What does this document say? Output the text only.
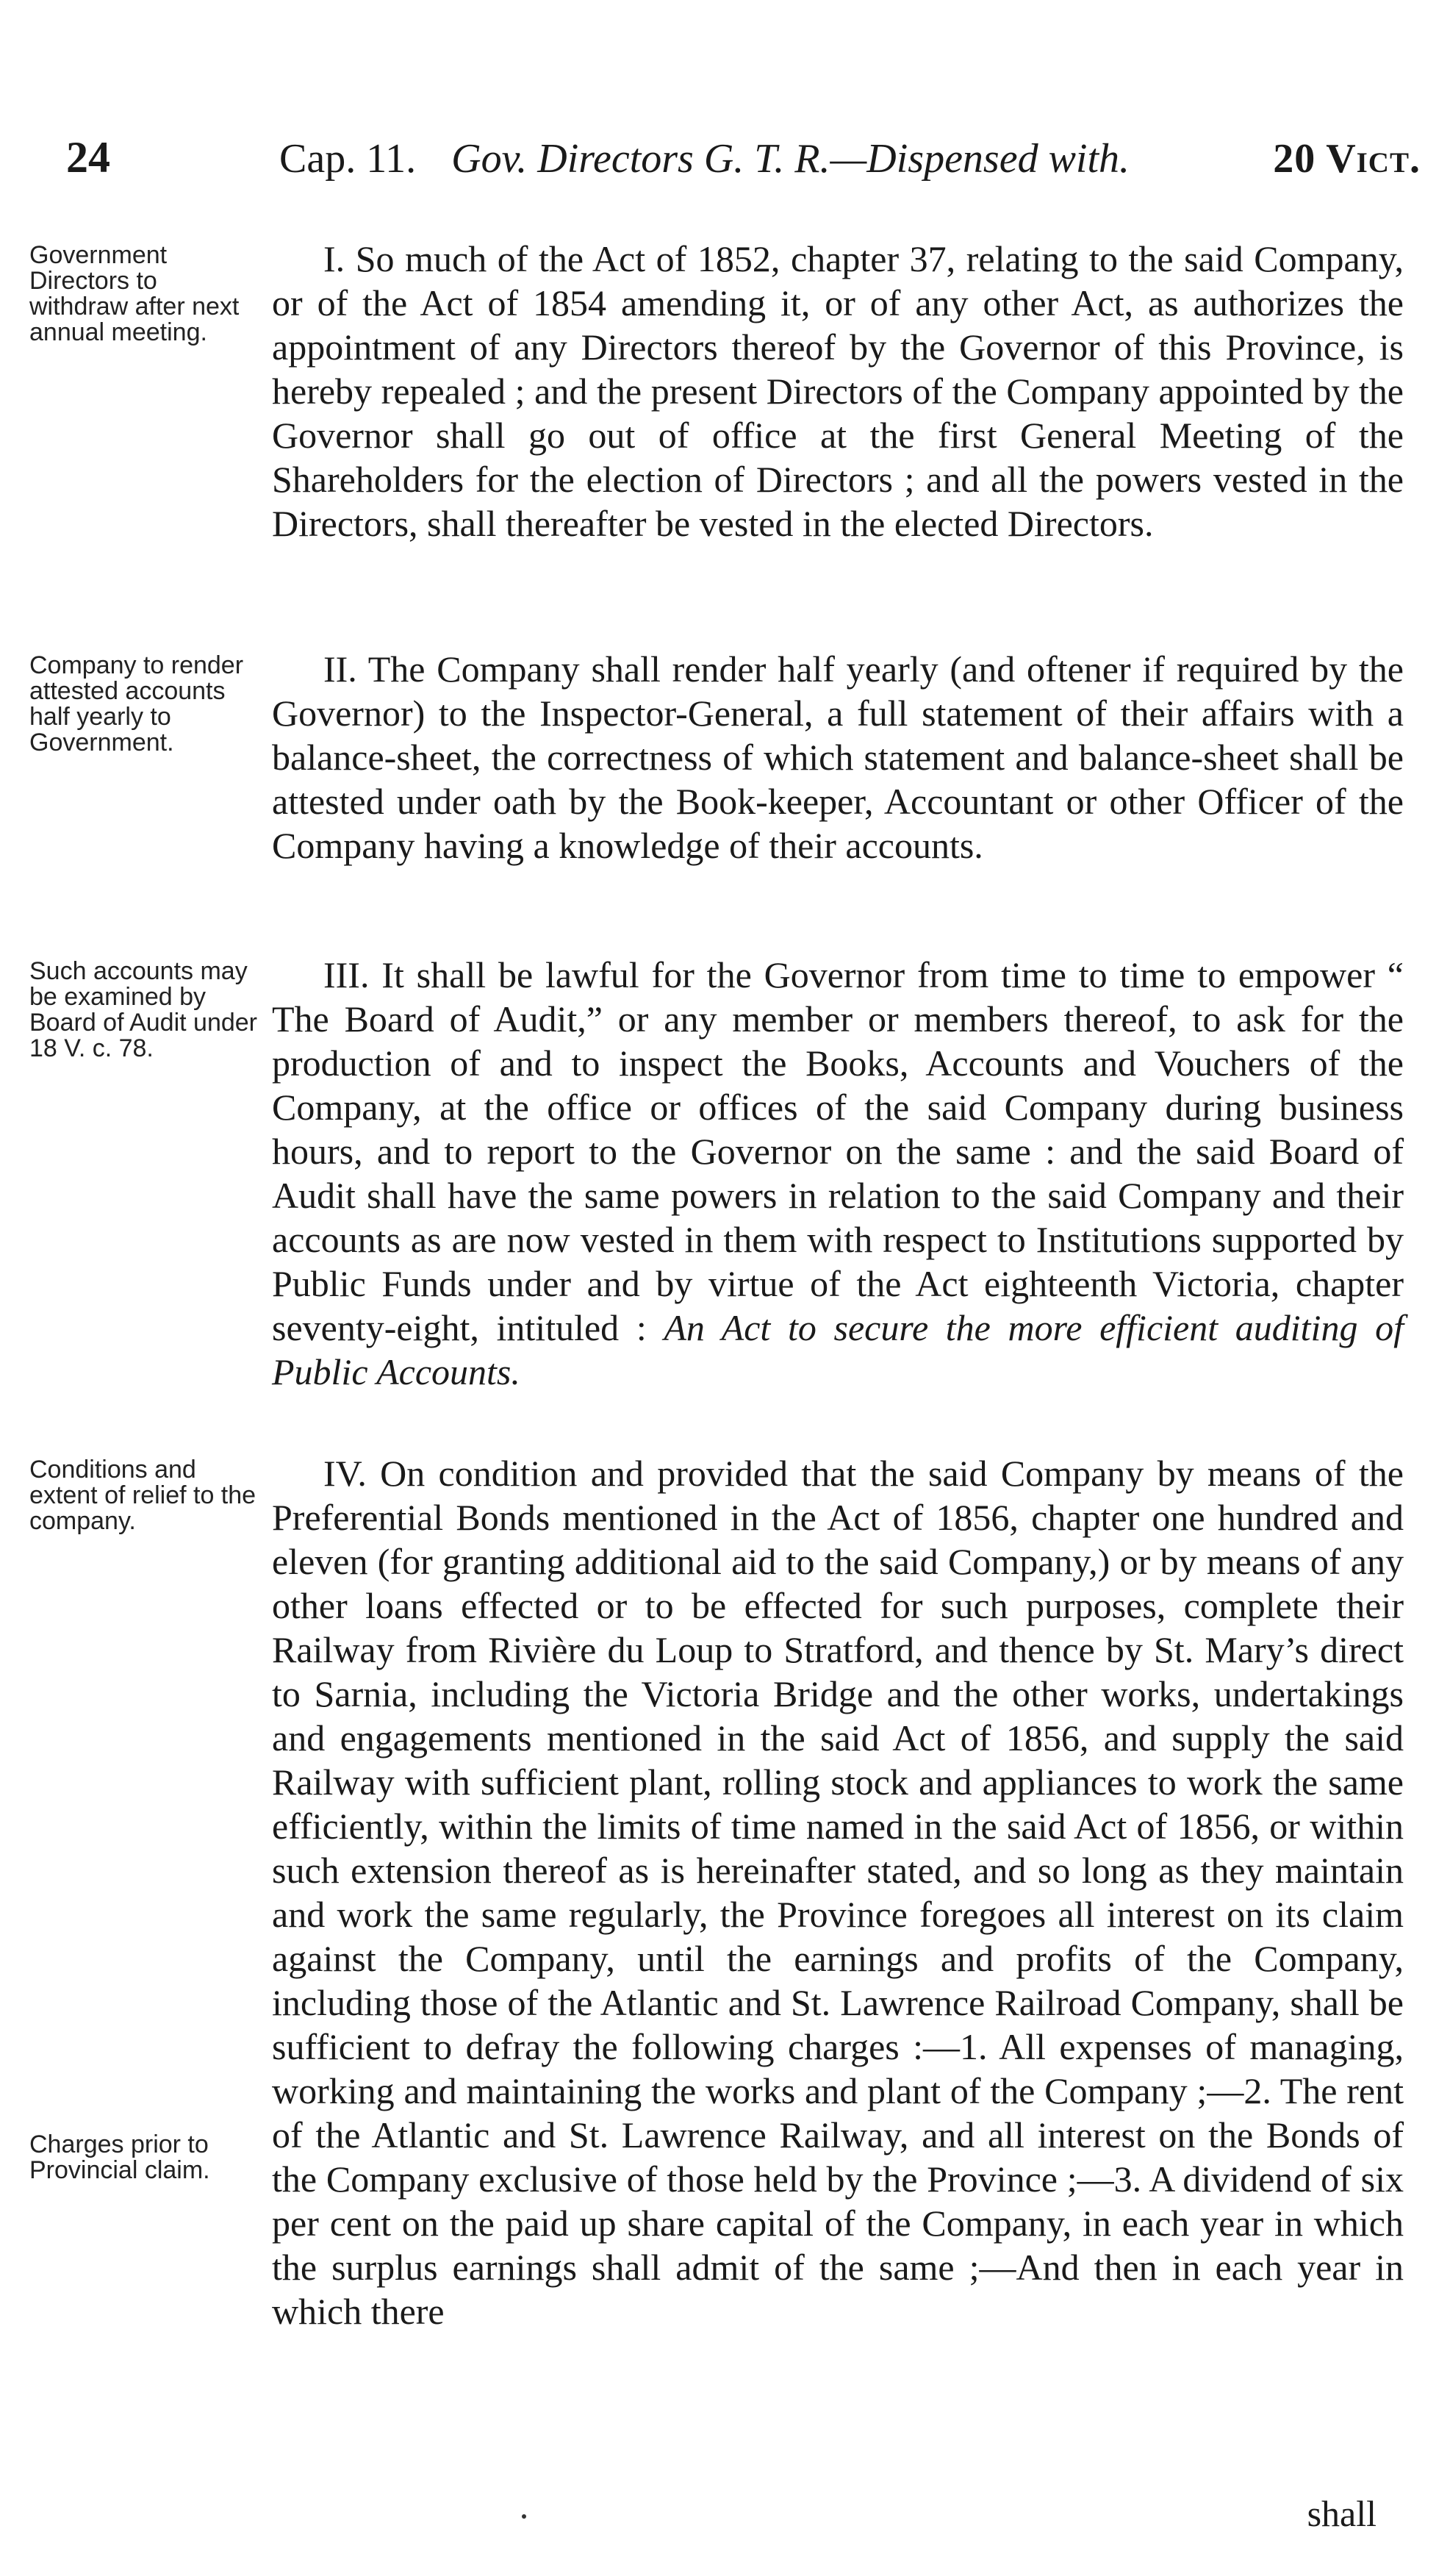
24	Cap. 11. Gov. Directors G. T. R.—Dispensed with.	20 Vict.
Government Directors to withdraw after next annual meeting.
I. So much of the Act of 1852, chapter 37, relating to the said Company, or of the Act of 1854 amending it, or of any other Act, as authorizes the appointment of any Directors thereof by the Governor of this Province, is hereby repealed ; and the present Directors of the Company appointed by the Governor shall go out of office at the first General Meeting of the Shareholders for the election of Directors ; and all the powers vested in the Directors, shall thereafter be vested in the elected Directors.
Company to render attested accounts half yearly to Government.
II. The Company shall render half yearly (and oftener if required by the Governor) to the Inspector-General, a full statement of their affairs with a balance-sheet, the correctness of which statement and balance-sheet shall be attested under oath by the Book-keeper, Accountant or other Officer of the Company having a knowledge of their accounts.
Such accounts may be examined by Board of Audit under 18 V. c. 78.
III. It shall be lawful for the Governor from time to time to empower “ The Board of Audit,” or any member or members thereof, to ask for the production of and to inspect the Books, Accounts and Vouchers of the Company, at the office or offices of the said Company during business hours, and to report to the Governor on the same : and the said Board of Audit shall have the same powers in relation to the said Company and their accounts as are now vested in them with respect to Institutions supported by Public Funds under and by virtue of the Act eighteenth Victoria, chapter seventy-eight, intituled : An Act to secure the more efficient auditing of Public Accounts.
Conditions and extent of relief to the company.
Charges prior to Provincial claim.
IV. On condition and provided that the said Company by means of the Preferential Bonds mentioned in the Act of 1856, chapter one hundred and eleven (for granting additional aid to the said Company,) or by means of any other loans effected or to be effected for such purposes, complete their Railway from Rivière du Loup to Stratford, and thence by St. Mary’s direct to Sarnia, including the Victoria Bridge and the other works, undertakings and engagements mentioned in the said Act of 1856, and supply the said Railway with sufficient plant, rolling stock and appliances to work the same efficiently, within the limits of time named in the said Act of 1856, or within such extension thereof as is hereinafter stated, and so long as they maintain and work the same regularly, the Province foregoes all interest on its claim against the Company, until the earnings and profits of the Company, including those of the Atlantic and St. Lawrence Railroad Company, shall be sufficient to defray the following charges :—1. All expenses of managing, working and maintaining the works and plant of the Company ;—2. The rent of the Atlantic and St. Lawrence Railway, and all interest on the Bonds of the Company exclusive of those held by the Province ;—3. A dividend of six per cent on the paid up share capital of the Company, in each year in which the surplus earnings shall admit of the same ;—And then in each year in which there
shall
